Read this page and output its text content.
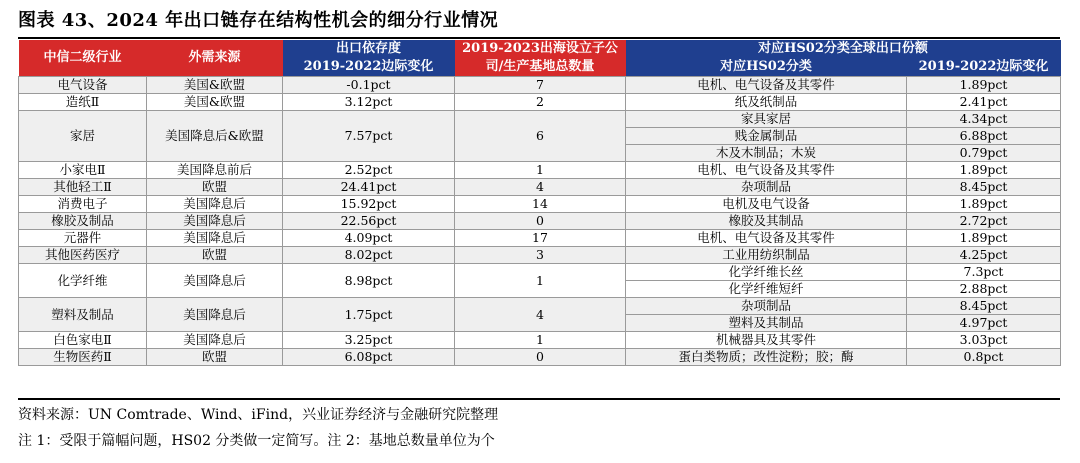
图表 43、2024 年出口链存在结构性机会的细分行业情况
中信二级行业	外需来源	出口依存度	2019-2023出海设立子公	对应HS02分类全球出口份额	
		2019-2022边际变化	司/生产基地总数量	对应HS02分类	2019-2022边际变化
电气设备	美国&欧盟	-0.1pct	7	电机、电气设备及其零件	1.89pct
造纸Ⅱ	美国&欧盟	3.12pct	2	纸及纸制品	2.41pct
家居	美国降息后&欧盟	7.57pct	6	家具家居	4.34pct
				贱金属制品	6.88pct
				木及木制品；木炭	0.79pct
小家电Ⅱ	美国降息前后	2.52pct	1	电机、电气设备及其零件	1.89pct
其他轻工Ⅱ	欧盟	24.41pct	4	杂项制品	8.45pct
消费电子	美国降息后	15.92pct	14	电机及电气设备	1.89pct
橡胶及制品	美国降息后	22.56pct	0	橡胶及其制品	2.72pct
元器件	美国降息后	4.09pct	17	电机、电气设备及其零件	1.89pct
其他医药医疗	欧盟	8.02pct	3	工业用纺织制品	4.25pct
化学纤维	美国降息后	8.98pct	1	化学纤维长丝	7.3pct
				化学纤维短纤	2.88pct
塑料及制品	美国降息后	1.75pct	4	杂项制品	8.45pct
				塑料及其制品	4.97pct
白色家电Ⅱ	美国降息后	3.25pct	1	机械器具及其零件	3.03pct
生物医药Ⅱ	欧盟	6.08pct	0	蛋白类物质；改性淀粉；胶；酶	0.8pct
资料来源：UN Comtrade、Wind、iFind，兴业证券经济与金融研究院整理
注 1：受限于篇幅问题，HS02 分类做一定简写。注 2：基地总数量单位为个
